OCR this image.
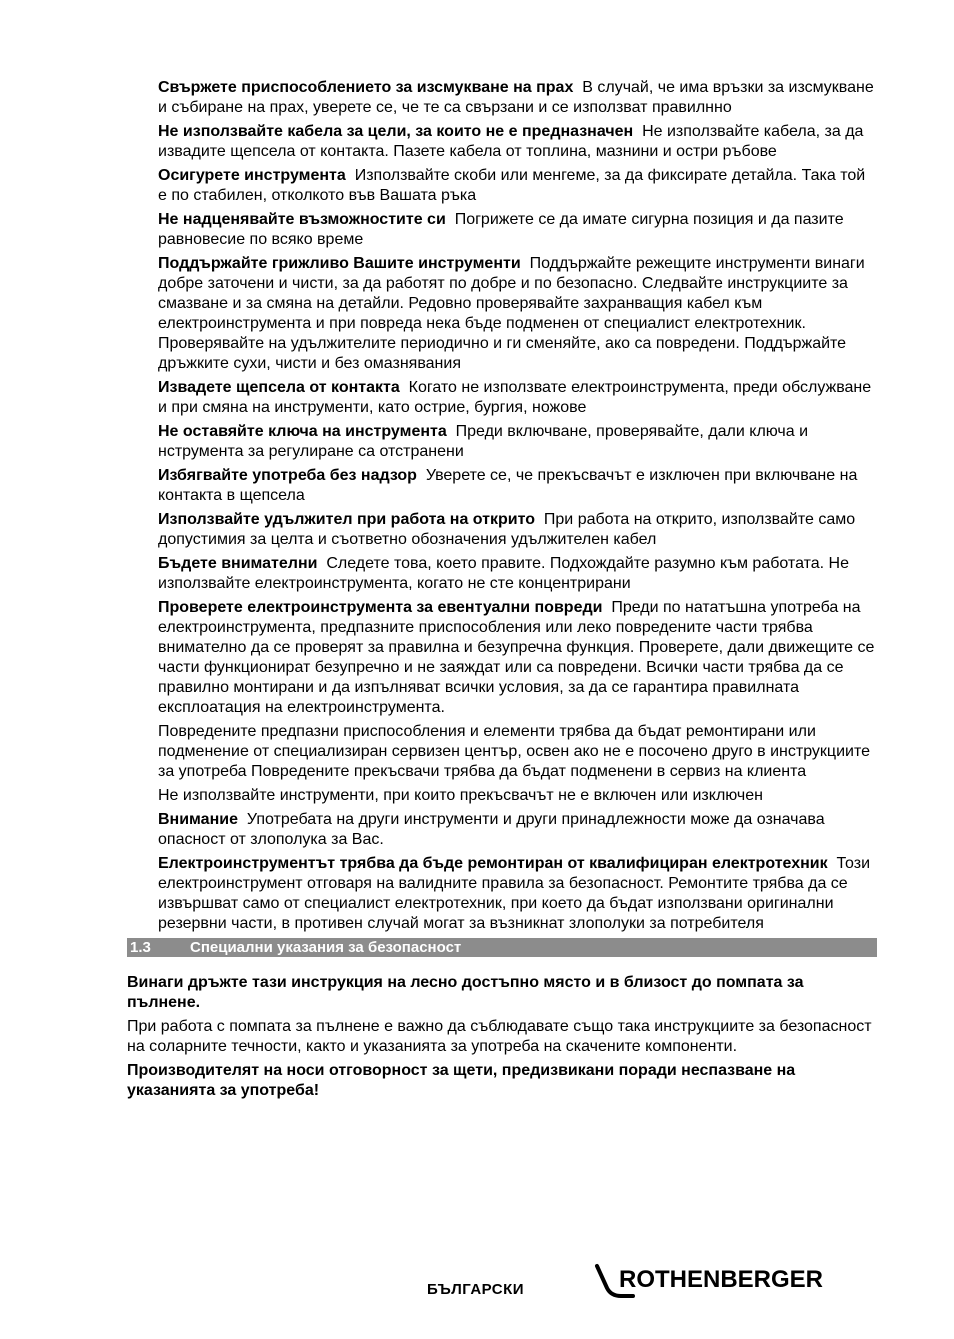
Свържете приспособлението за изсмукване на прах В случай, че има връзки за изсмукване и събиране на прах, уверете се, че те са свързани и се използват правилнно
Не използвайте кабела за цели, за които не е предназначен Не използвайте кабела, за да извадите щепсела от контакта. Пазете кабела от топлина, мазнини и остри ръбове
Осигурете инструмента Използвайте скоби или менгеме, за да фиксирате детайла. Така той е по стабилен, отколкото във Вашата ръка
Не надценявайте възможностите си Погрижете се да имате сигурна позиция и да пазите равновесие по всяко време
Поддържайте грижливо Вашите инструменти Поддържайте режещите инструменти винаги добре заточени и чисти, за да работят по добре и по безопасно. Следвайте инструкциите за смазване и за смяна на детайли. Редовно проверявайте захранващия кабел към електроинструмента и при повреда нека бъде подменен от специалист електротехник. Проверявайте на удължителите периодично и ги сменяйте, ако са повредени. Поддържайте дръжките сухи, чисти и без омазнявания
Извадете щепсела от контакта Когато не използвате електроинструмента, преди обслужване и при смяна на инструменти, като острие, бургия, ножове
Не оставяйте ключа на инструмента Преди включване, проверявайте, дали ключа и нструмента за регулиране са отстранени
Избягвайте употреба без надзор Уверете се, че прекъсвачът е изключен при включване на контакта в щепсела
Използвайте удължител при работа на открито При работа на открито, използвайте само допустимия за целта и съответно обозначения удължителен кабел
Бъдете внимателни Следете това, което правите. Подхождайте разумно към работата. Не използвайте електроинструмента, когато не сте концентрирани
Проверете електроинструмента за евентуални повреди Преди по нататъшна употреба на електроинструмента, предпазните приспособления или леко повредените части трябва внимателно да се проверят за правилна и безупречна функция. Проверете, дали движещите се части функционират безупречно и не заяждат или са повредени. Всички части трябва да се правилно монтирани и да изпълняват всички условия, за да се гарантира правилната експлоатация на електроинструмента.
Повредените предпазни приспособления и елементи трябва да бъдат ремонтирани или подменение от специализиран сервизен център, освен ако не е посочено друго в инструкциите за употреба Повредените прекъсвачи трябва да бъдат подменени в сервиз на клиента
Не използвайте инструменти, при които прекъсвачът не е включен или изключен
Внимание Употребата на други инструменти и други принадлежности може да означава опасност от злополука за Вас.
Електроинструментът трябва да бъде ремонтиран от квалифициран електротехник Този електроинструмент отговаря на валидните правила за безопасност. Ремонтите трябва да се извършват само от специалист електротехник, при което да бъдат използвани оригинални резервни части, в противен случай могат за възникнат злополуки за потребителя
1.3	Специални указания за безопасност
Винаги дръжте тази инструкция на лесно достъпно място и в близост до помпата за пълнене.
При работа с помпата за пълнене е важно да съблюдавате също така инструкциите за безопасност на соларните течности, както и указанията за употреба на скачените компоненти.
Производителят на носи отговорност за щети, предизвикани поради неспазване на указанията за употреба!
БЪЛГАРСКИ	ROTHENBERGER
